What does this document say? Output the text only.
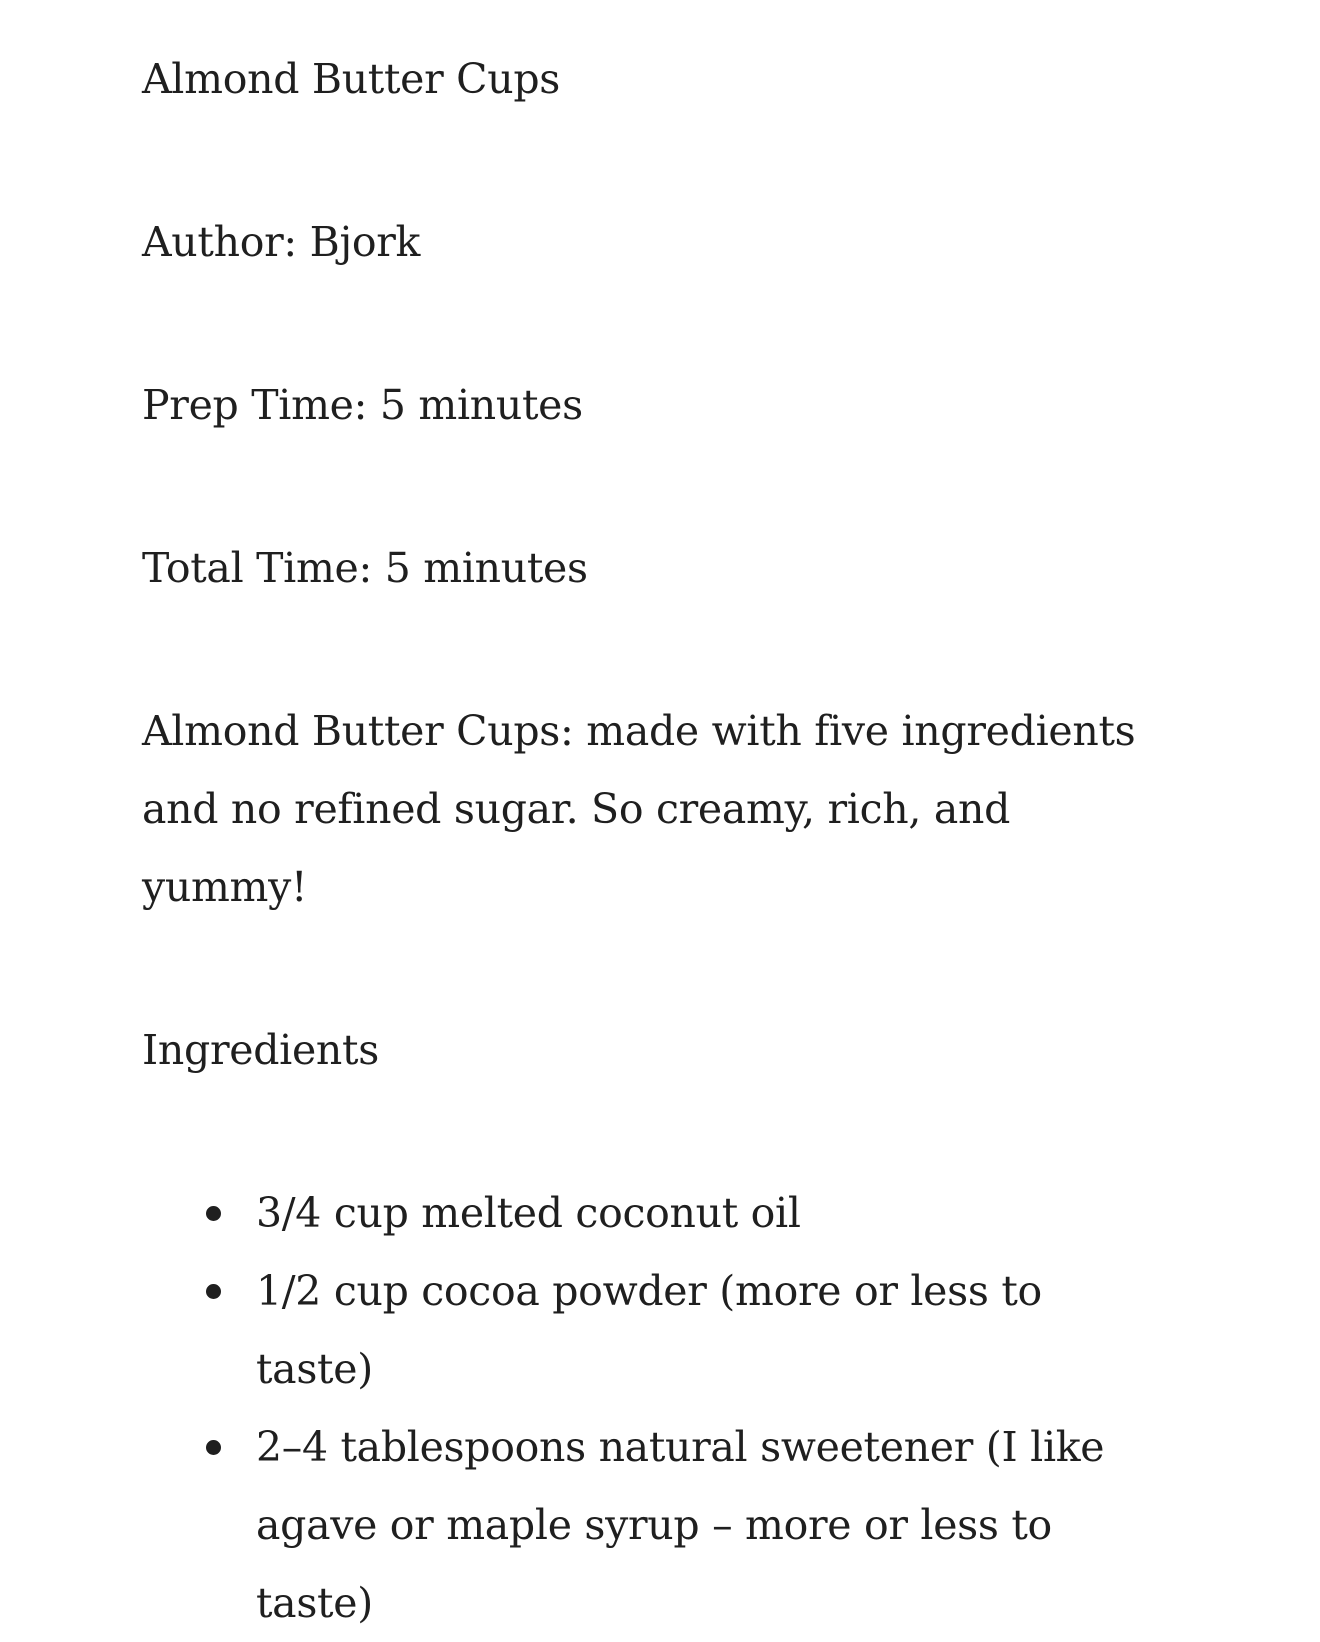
Almond Butter Cups

Author: Bjork

Prep Time: 5 minutes

Total Time: 5 minutes

Almond Butter Cups: made with five ingredients and no refined sugar. So creamy, rich, and yummy!

Ingredients

3/4 cup melted coconut oil
1/2 cup cocoa powder (more or less to taste)
2–4 tablespoons natural sweetener (I like agave or maple syrup – more or less to taste)
